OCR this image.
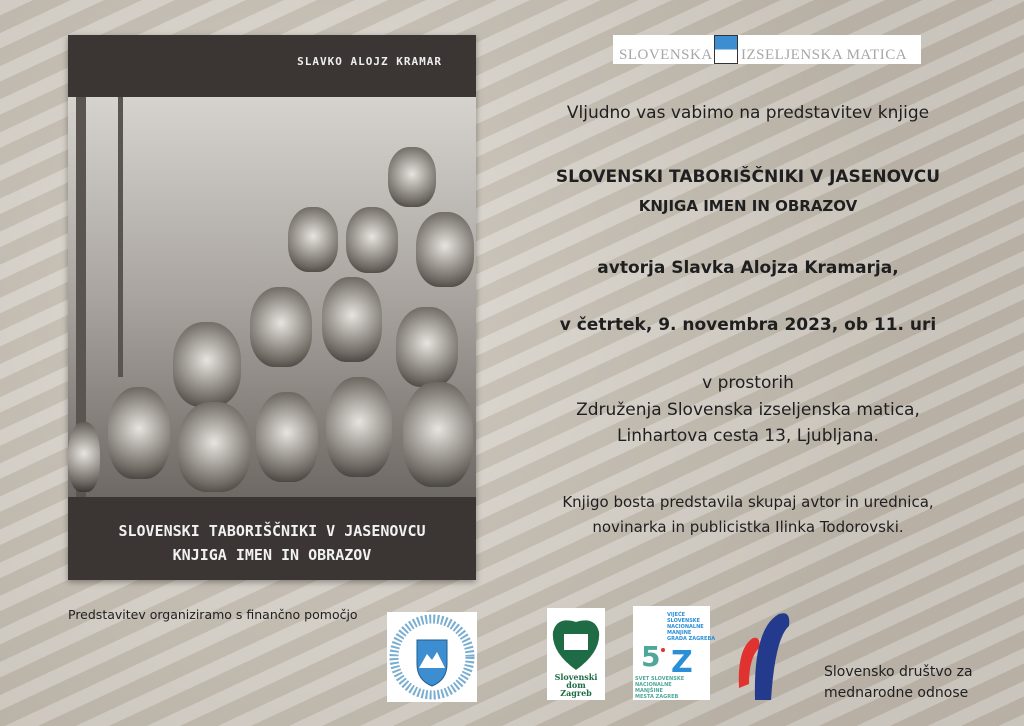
SLAVKO ALOJZ KRAMAR
SLOVENSKI TABORIŠČNIKI V JASENOVCU
KNJIGA IMEN IN OBRAZOV
SLOVENSKA IZSELJENSKA MATICA
Vljudno vas vabimo na predstavitev knjige
SLOVENSKI TABORIŠČNIKI V JASENOVCU
KNJIGA IMEN IN OBRAZOV
avtorja Slavka Alojza Kramarja,
v četrtek, 9. novembra 2023, ob 11. uri
v prostorih
Združenja Slovenska izseljenska matica,
Linhartova cesta 13, Ljubljana.
Knjigo bosta predstavila skupaj avtor in urednica,
novinarka in publicistka Ilinka Todorovski.
Predstavitev organiziramo s finančno pomočjo
Slovenski
dom
Zagreb
VIJEĆE
SLOVENSKE
NACIONALNE
MANJINE
GRADA ZAGREBA
5 Z
SVET SLOVENSKE
NACIONALNE
MANJŠINE
MESTA ZAGREB
Slovensko društvo za
mednarodne odnose
